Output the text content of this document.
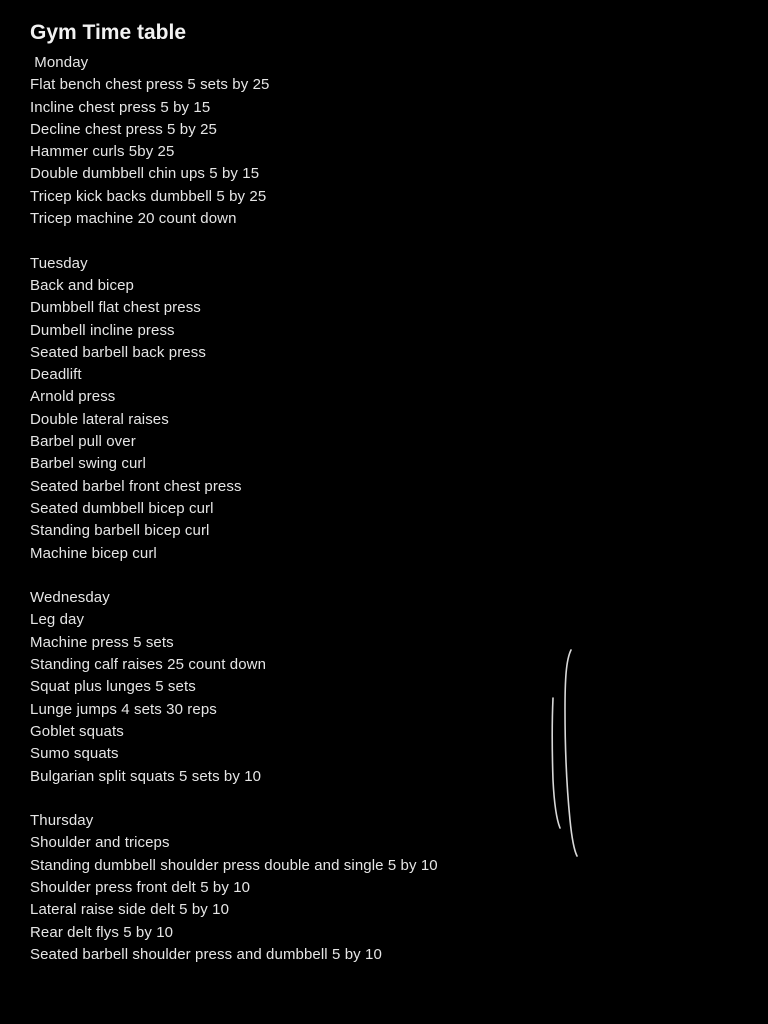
Gym Time table
Monday
Flat bench chest press 5 sets by 25
Incline chest press 5 by 15
Decline chest press 5 by 25
Hammer curls 5by 25
Double dumbbell chin ups 5 by 15
Tricep kick backs dumbbell 5 by 25
Tricep machine 20 count down
Tuesday
Back and bicep
Dumbbell flat chest press
Dumbell incline press
Seated barbell back press
Deadlift
Arnold press
Double lateral raises
Barbel pull over
Barbel swing curl
Seated barbel front chest press
Seated dumbbell bicep curl
Standing barbell bicep curl
Machine bicep curl
Wednesday
Leg day
Machine press 5 sets
Standing calf raises 25 count down
Squat plus lunges 5 sets
Lunge jumps 4 sets 30 reps
Goblet squats
Sumo squats
Bulgarian split squats 5 sets by 10
Thursday
Shoulder and triceps
Standing dumbbell shoulder press double and single 5 by 10
Shoulder press front delt 5 by 10
Lateral raise side delt 5 by 10
Rear delt flys 5 by 10
Seated barbell shoulder press and dumbbell 5 by 10
